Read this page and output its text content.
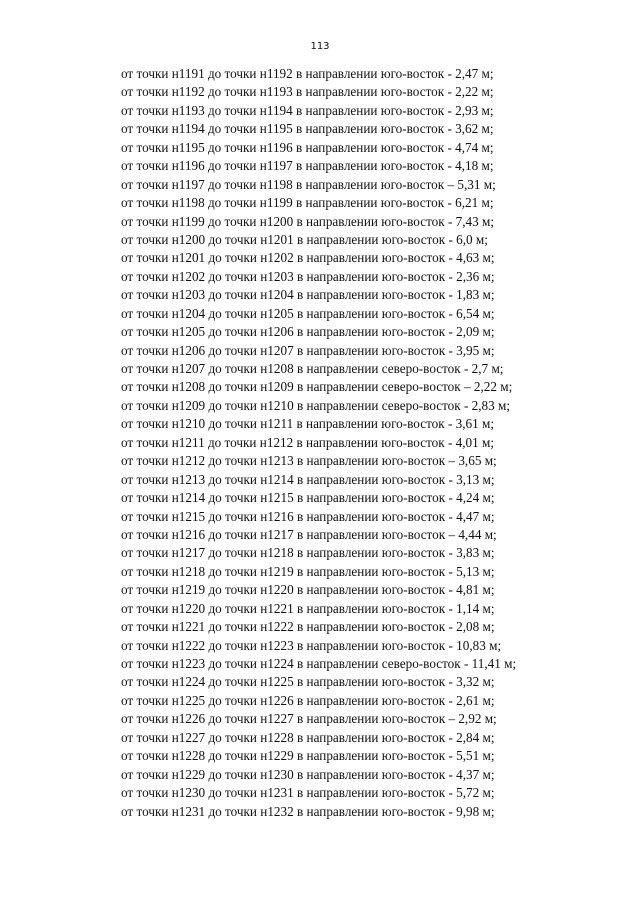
113
от точки н1191 до точки н1192 в направлении юго-восток - 2,47 м;
от точки н1192 до точки н1193 в направлении юго-восток - 2,22 м;
от точки н1193 до точки н1194 в направлении юго-восток - 2,93 м;
от точки н1194 до точки н1195 в направлении юго-восток - 3,62 м;
от точки н1195 до точки н1196 в направлении юго-восток - 4,74 м;
от точки н1196 до точки н1197 в направлении юго-восток - 4,18 м;
от точки н1197 до точки н1198 в направлении юго-восток – 5,31 м;
от точки н1198 до точки н1199 в направлении юго-восток - 6,21 м;
от точки н1199 до точки н1200 в направлении юго-восток - 7,43 м;
от точки н1200 до точки н1201 в направлении юго-восток - 6,0 м;
от точки н1201 до точки н1202 в направлении юго-восток - 4,63 м;
от точки н1202 до точки н1203 в направлении юго-восток - 2,36 м;
от точки н1203 до точки н1204 в направлении юго-восток - 1,83 м;
от точки н1204 до точки н1205 в направлении юго-восток - 6,54 м;
от точки н1205 до точки н1206 в направлении юго-восток - 2,09 м;
от точки н1206 до точки н1207 в направлении юго-восток - 3,95 м;
от точки н1207 до точки н1208 в направлении северо-восток - 2,7 м;
от точки н1208 до точки н1209 в направлении северо-восток – 2,22 м;
от точки н1209 до точки н1210 в направлении северо-восток - 2,83 м;
от точки н1210 до точки н1211 в направлении юго-восток - 3,61 м;
от точки н1211 до точки н1212 в направлении юго-восток - 4,01 м;
от точки н1212 до точки н1213 в направлении юго-восток – 3,65 м;
от точки н1213 до точки н1214 в направлении юго-восток - 3,13 м;
от точки н1214 до точки н1215 в направлении юго-восток - 4,24 м;
от точки н1215 до точки н1216 в направлении юго-восток - 4,47 м;
от точки н1216 до точки н1217 в направлении юго-восток – 4,44 м;
от точки н1217 до точки н1218 в направлении юго-восток - 3,83 м;
от точки н1218 до точки н1219 в направлении юго-восток - 5,13 м;
от точки н1219 до точки н1220 в направлении юго-восток - 4,81 м;
от точки н1220 до точки н1221 в направлении юго-восток - 1,14 м;
от точки н1221 до точки н1222 в направлении юго-восток - 2,08 м;
от точки н1222 до точки н1223 в направлении юго-восток - 10,83 м;
от точки н1223 до точки н1224 в направлении северо-восток - 11,41 м;
от точки н1224 до точки н1225 в направлении юго-восток - 3,32 м;
от точки н1225 до точки н1226 в направлении юго-восток - 2,61 м;
от точки н1226 до точки н1227 в направлении юго-восток – 2,92 м;
от точки н1227 до точки н1228 в направлении юго-восток - 2,84 м;
от точки н1228 до точки н1229 в направлении юго-восток - 5,51 м;
от точки н1229 до точки н1230 в направлении юго-восток - 4,37 м;
от точки н1230 до точки н1231 в направлении юго-восток - 5,72 м;
от точки н1231 до точки н1232 в направлении юго-восток - 9,98 м;
